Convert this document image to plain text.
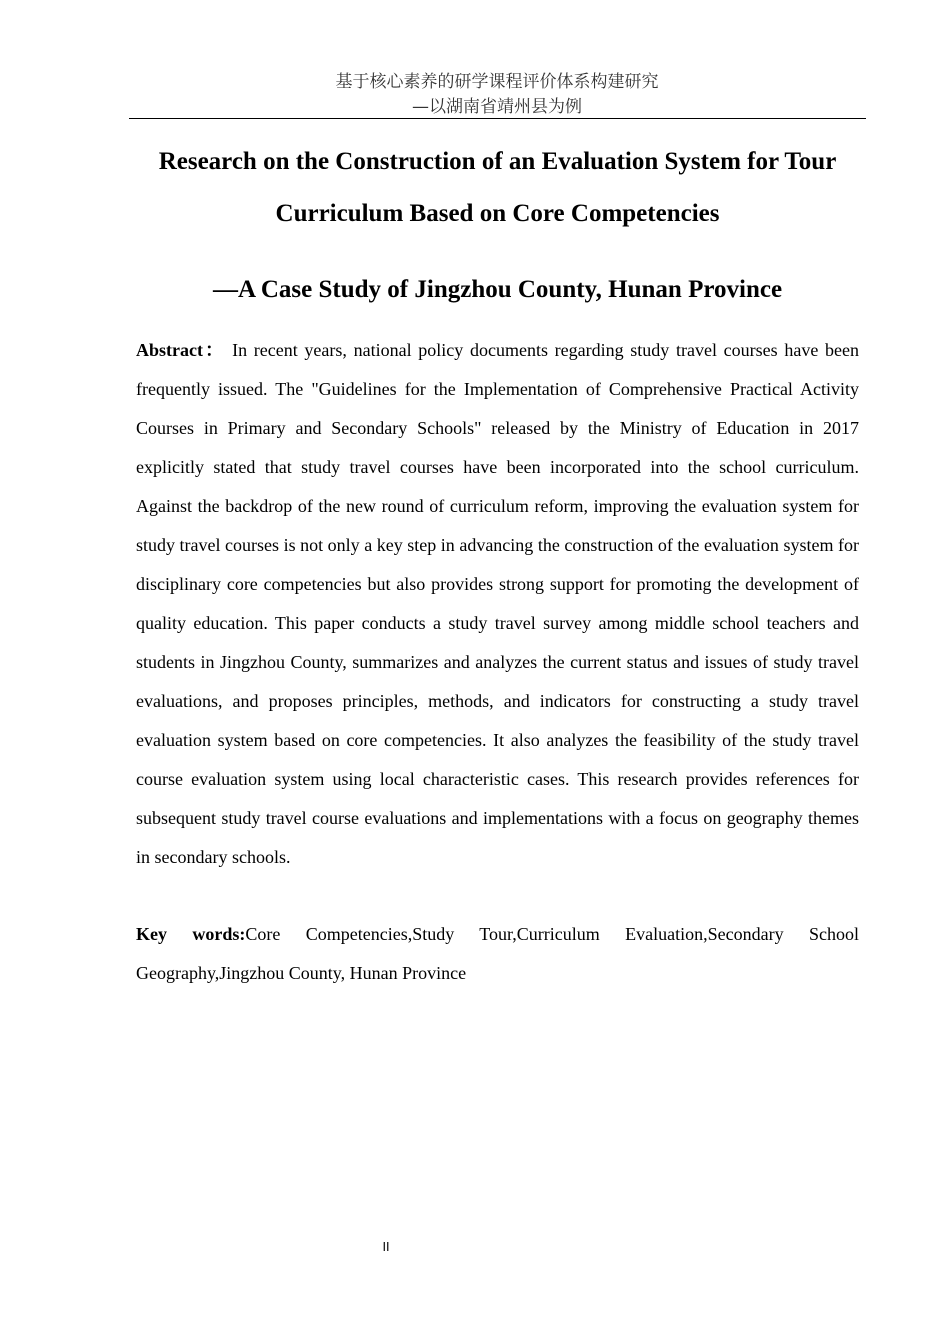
基于核心素养的研学课程评价体系构建研究
—以湖南省靖州县为例
Research on the Construction of an Evaluation System for Tour Curriculum Based on Core Competencies
—A Case Study of Jingzhou County, Hunan Province

Abstract： In recent years, national policy documents regarding study travel courses have been frequently issued. The "Guidelines for the Implementation of Comprehensive Practical Activity Courses in Primary and Secondary Schools" released by the Ministry of Education in 2017 explicitly stated that study travel courses have been incorporated into the school curriculum. Against the backdrop of the new round of curriculum reform, improving the evaluation system for study travel courses is not only a key step in advancing the construction of the evaluation system for disciplinary core competencies but also provides strong support for promoting the development of quality education. This paper conducts a study travel survey among middle school teachers and students in Jingzhou County, summarizes and analyzes the current status and issues of study travel evaluations, and proposes principles, methods, and indicators for constructing a study travel evaluation system based on core competencies. It also analyzes the feasibility of the study travel course evaluation system using local characteristic cases. This research provides references for subsequent study travel course evaluations and implementations with a focus on geography themes in secondary schools.

Key words:Core Competencies,Study Tour,Curriculum Evaluation,Secondary School Geography,Jingzhou County, Hunan Province

II
